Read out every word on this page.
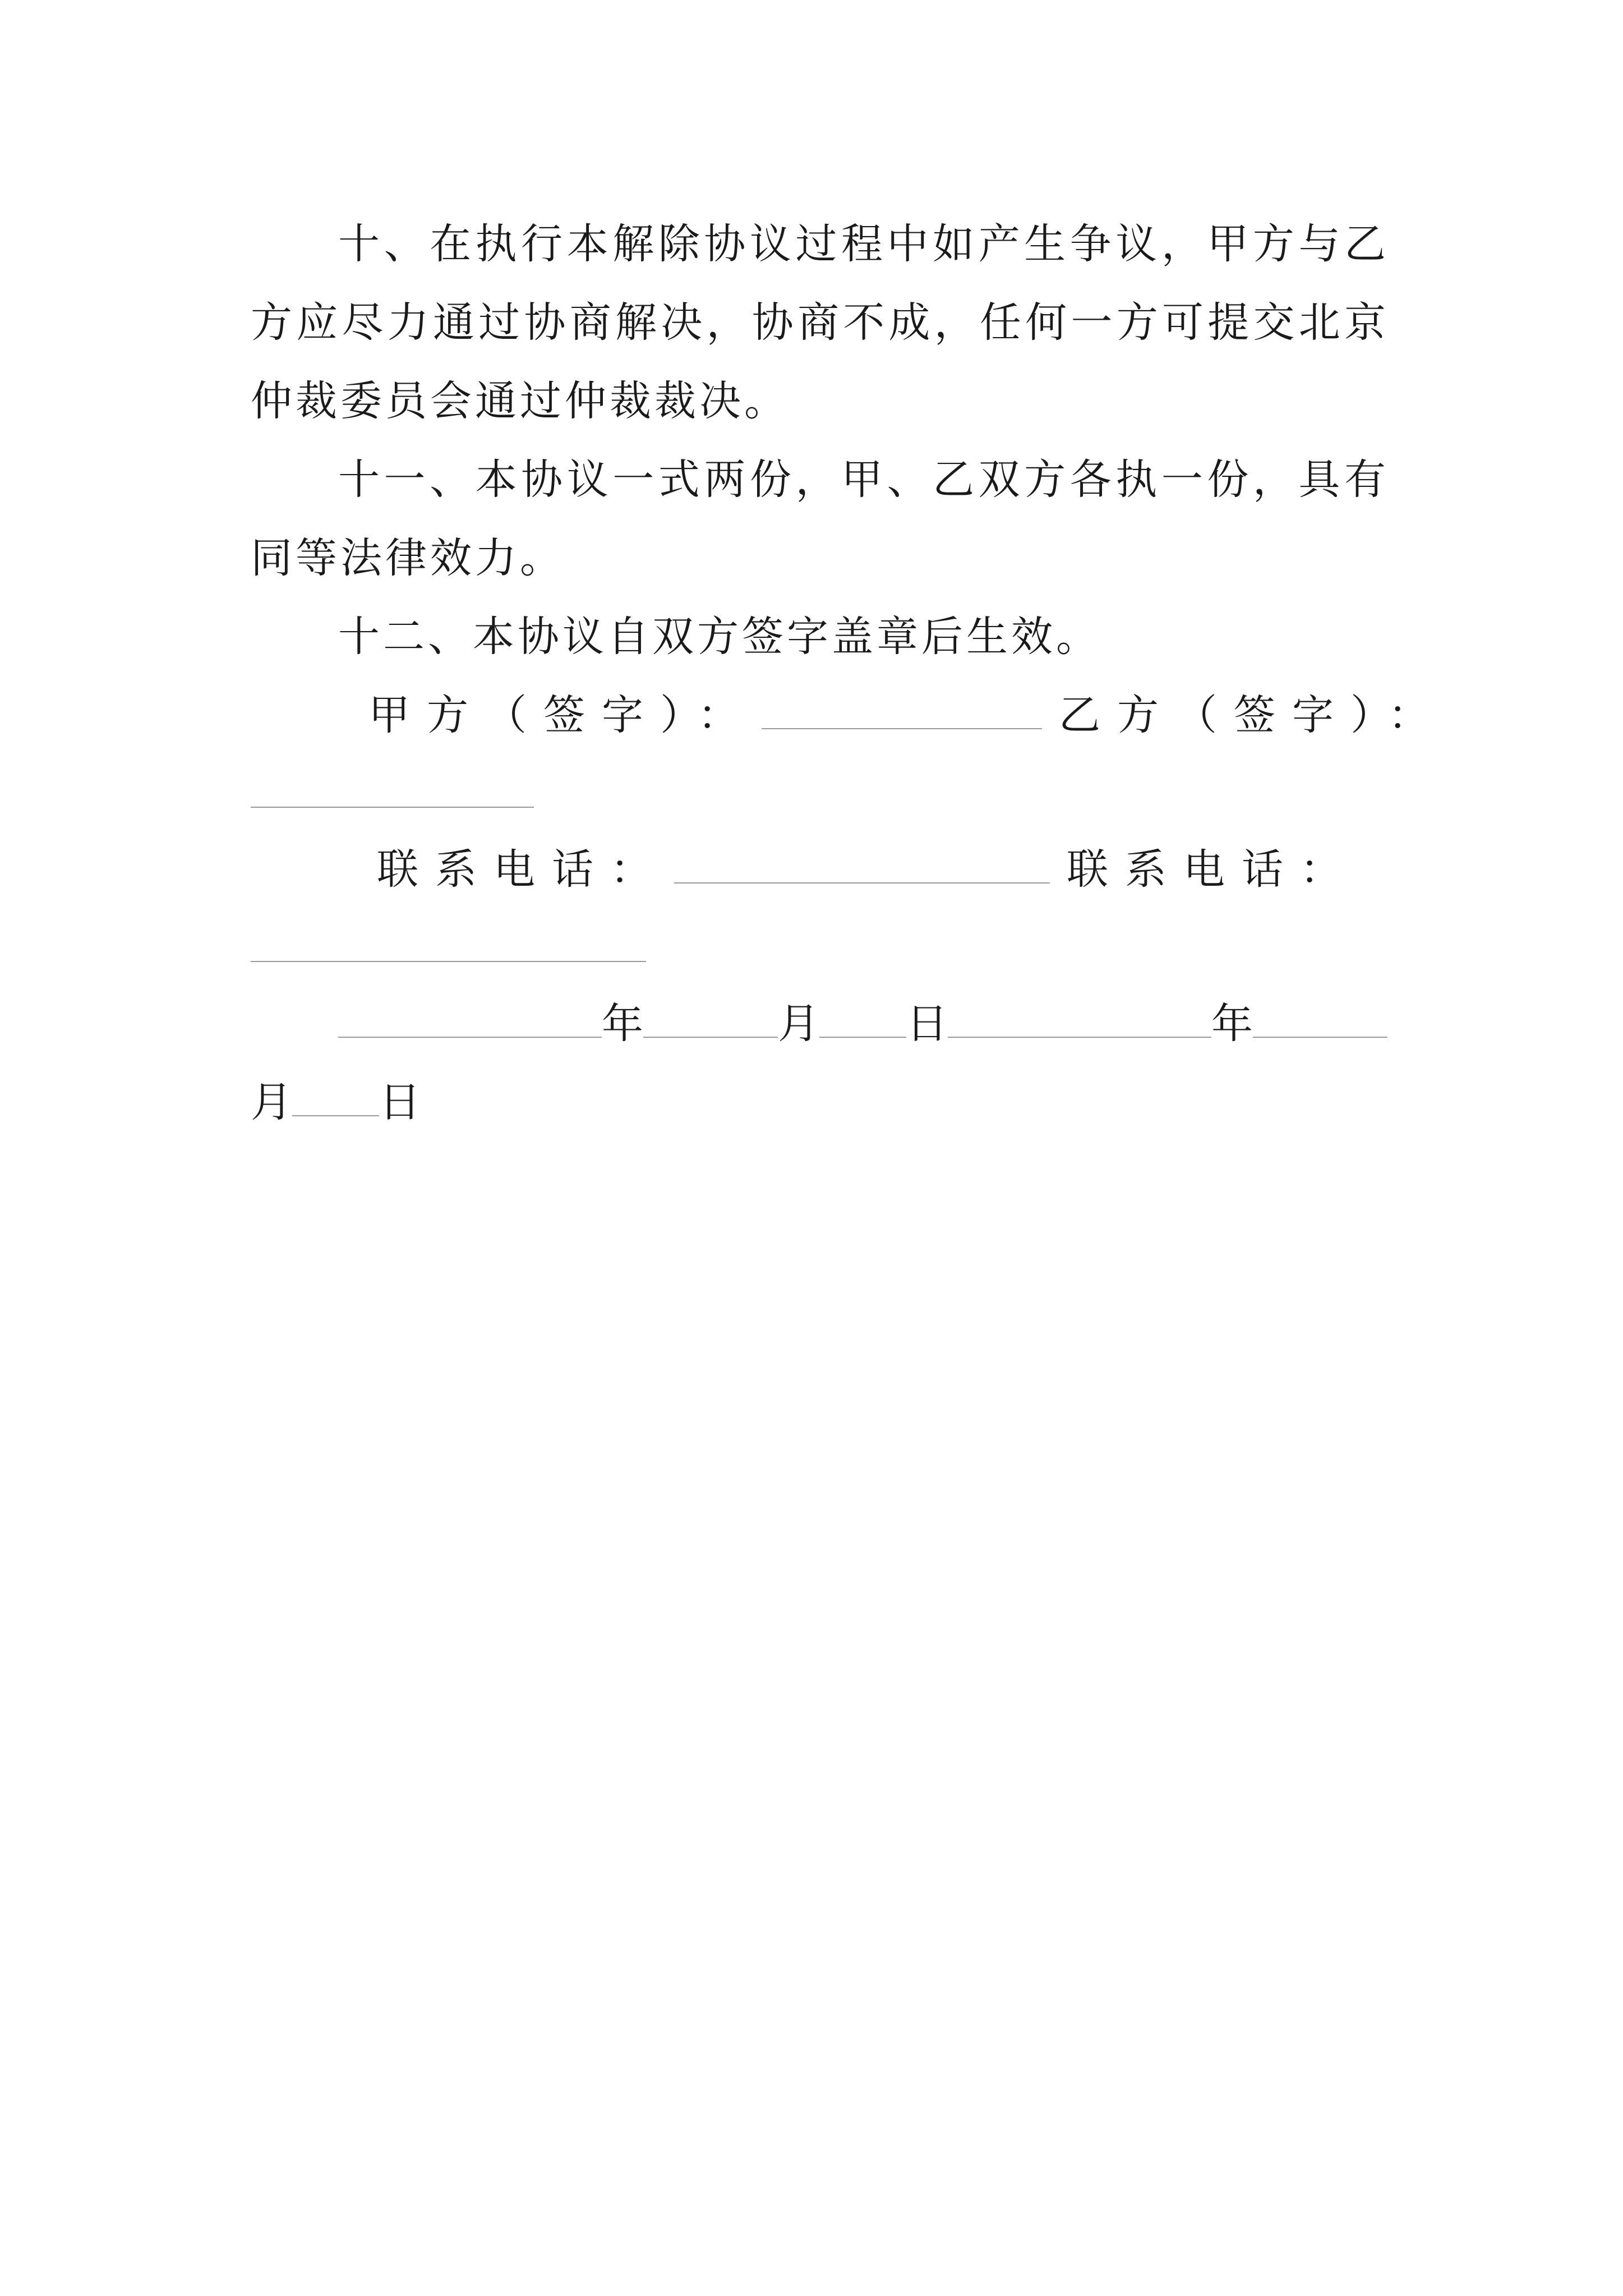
十、在执行本解除协议过程中如产生争议，甲方与乙方应尽力通过协商解决，协商不成，任何一方可提交北京仲裁委员会通过仲裁裁决。

十一、本协议一式两份，甲、乙双方各执一份，具有同等法律效力。

十二、本协议自双方签字盖章后生效。

甲方（签字）：	乙方（签字）：
联系电话：	联系电话：
年	月 日	年
月 日
